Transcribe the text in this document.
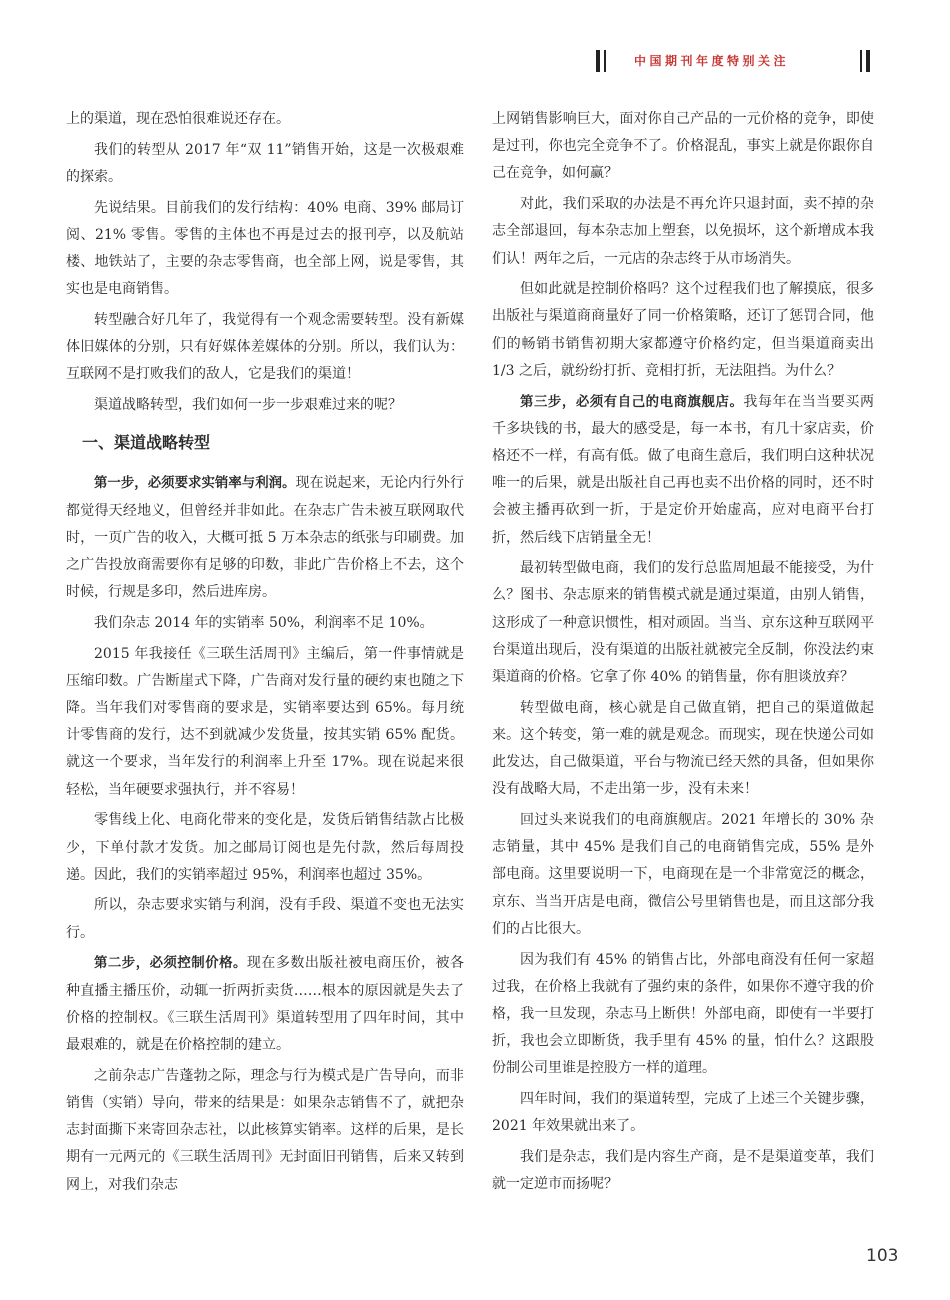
中国期刊年度特别关注

上的渠道，现在恐怕很难说还存在。

我们的转型从 2017 年“双 11”销售开始，这是一次极艰难的探索。

先说结果。目前我们的发行结构：40% 电商、39% 邮局订阅、21% 零售。零售的主体也不再是过去的报刊亭，以及航站楼、地铁站了，主要的杂志零售商，也全部上网，说是零售，其实也是电商销售。

转型融合好几年了，我觉得有一个观念需要转型。没有新媒体旧媒体的分别，只有好媒体差媒体的分别。所以，我们认为：互联网不是打败我们的敌人，它是我们的渠道！

渠道战略转型，我们如何一步一步艰难过来的呢？

一、渠道战略转型

第一步，必须要求实销率与利润。现在说起来，无论内行外行都觉得天经地义，但曾经并非如此。在杂志广告未被互联网取代时，一页广告的收入，大概可抵 5 万本杂志的纸张与印刷费。加之广告投放商需要你有足够的印数，非此广告价格上不去，这个时候，行规是多印，然后进库房。

我们杂志 2014 年的实销率 50%，利润率不足 10%。

2015 年我接任《三联生活周刊》主编后，第一件事情就是压缩印数。广告断崖式下降，广告商对发行量的硬约束也随之下降。当年我们对零售商的要求是，实销率要达到 65%。每月统计零售商的发行，达不到就减少发货量，按其实销 65% 配货。就这一个要求，当年发行的利润率上升至 17%。现在说起来很轻松，当年硬要求强执行，并不容易！

零售线上化、电商化带来的变化是，发货后销售结款占比极少，下单付款才发货。加之邮局订阅也是先付款，然后每周投递。因此，我们的实销率超过 95%，利润率也超过 35%。

所以，杂志要求实销与利润，没有手段、渠道不变也无法实行。

第二步，必须控制价格。现在多数出版社被电商压价，被各种直播主播压价，动辄一折两折卖货……根本的原因就是失去了价格的控制权。《三联生活周刊》渠道转型用了四年时间，其中最艰难的，就是在价格控制的建立。

之前杂志广告蓬勃之际，理念与行为模式是广告导向，而非销售（实销）导向，带来的结果是：如果杂志销售不了，就把杂志封面撕下来寄回杂志社，以此核算实销率。这样的后果，是长期有一元两元的《三联生活周刊》无封面旧刊销售，后来又转到网上，对我们杂志

上网销售影响巨大，面对你自己产品的一元价格的竞争，即使是过刊，你也完全竞争不了。价格混乱，事实上就是你跟你自己在竞争，如何赢？

对此，我们采取的办法是不再允许只退封面，卖不掉的杂志全部退回，每本杂志加上塑套，以免损坏，这个新增成本我们认！两年之后，一元店的杂志终于从市场消失。

但如此就是控制价格吗？这个过程我们也了解摸底，很多出版社与渠道商商量好了同一价格策略，还订了惩罚合同，他们的畅销书销售初期大家都遵守价格约定，但当渠道商卖出 1/3 之后，就纷纷打折、竞相打折，无法阻挡。为什么？

第三步，必须有自己的电商旗舰店。我每年在当当要买两千多块钱的书，最大的感受是，每一本书，有几十家店卖，价格还不一样，有高有低。做了电商生意后，我们明白这种状况唯一的后果，就是出版社自己再也卖不出价格的同时，还不时会被主播再砍到一折，于是定价开始虚高，应对电商平台打折，然后线下店销量全无！

最初转型做电商，我们的发行总监周旭最不能接受，为什么？图书、杂志原来的销售模式就是通过渠道，由别人销售，这形成了一种意识惯性，相对顽固。当当、京东这种互联网平台渠道出现后，没有渠道的出版社就被完全反制，你没法约束渠道商的价格。它拿了你 40% 的销售量，你有胆谈放弃？

转型做电商，核心就是自己做直销，把自己的渠道做起来。这个转变，第一难的就是观念。而现实，现在快递公司如此发达，自己做渠道，平台与物流已经天然的具备，但如果你没有战略大局，不走出第一步，没有未来！

回过头来说我们的电商旗舰店。2021 年增长的 30% 杂志销量，其中 45% 是我们自己的电商销售完成，55% 是外部电商。这里要说明一下，电商现在是一个非常宽泛的概念，京东、当当开店是电商，微信公号里销售也是，而且这部分我们的占比很大。

因为我们有 45% 的销售占比，外部电商没有任何一家超过我，在价格上我就有了强约束的条件，如果你不遵守我的价格，我一旦发现，杂志马上断供！外部电商，即使有一半要打折，我也会立即断货，我手里有 45% 的量，怕什么？这跟股份制公司里谁是控股方一样的道理。

四年时间，我们的渠道转型，完成了上述三个关键步骤，2021 年效果就出来了。

我们是杂志，我们是内容生产商，是不是渠道变革，我们就一定逆市而扬呢？

103
